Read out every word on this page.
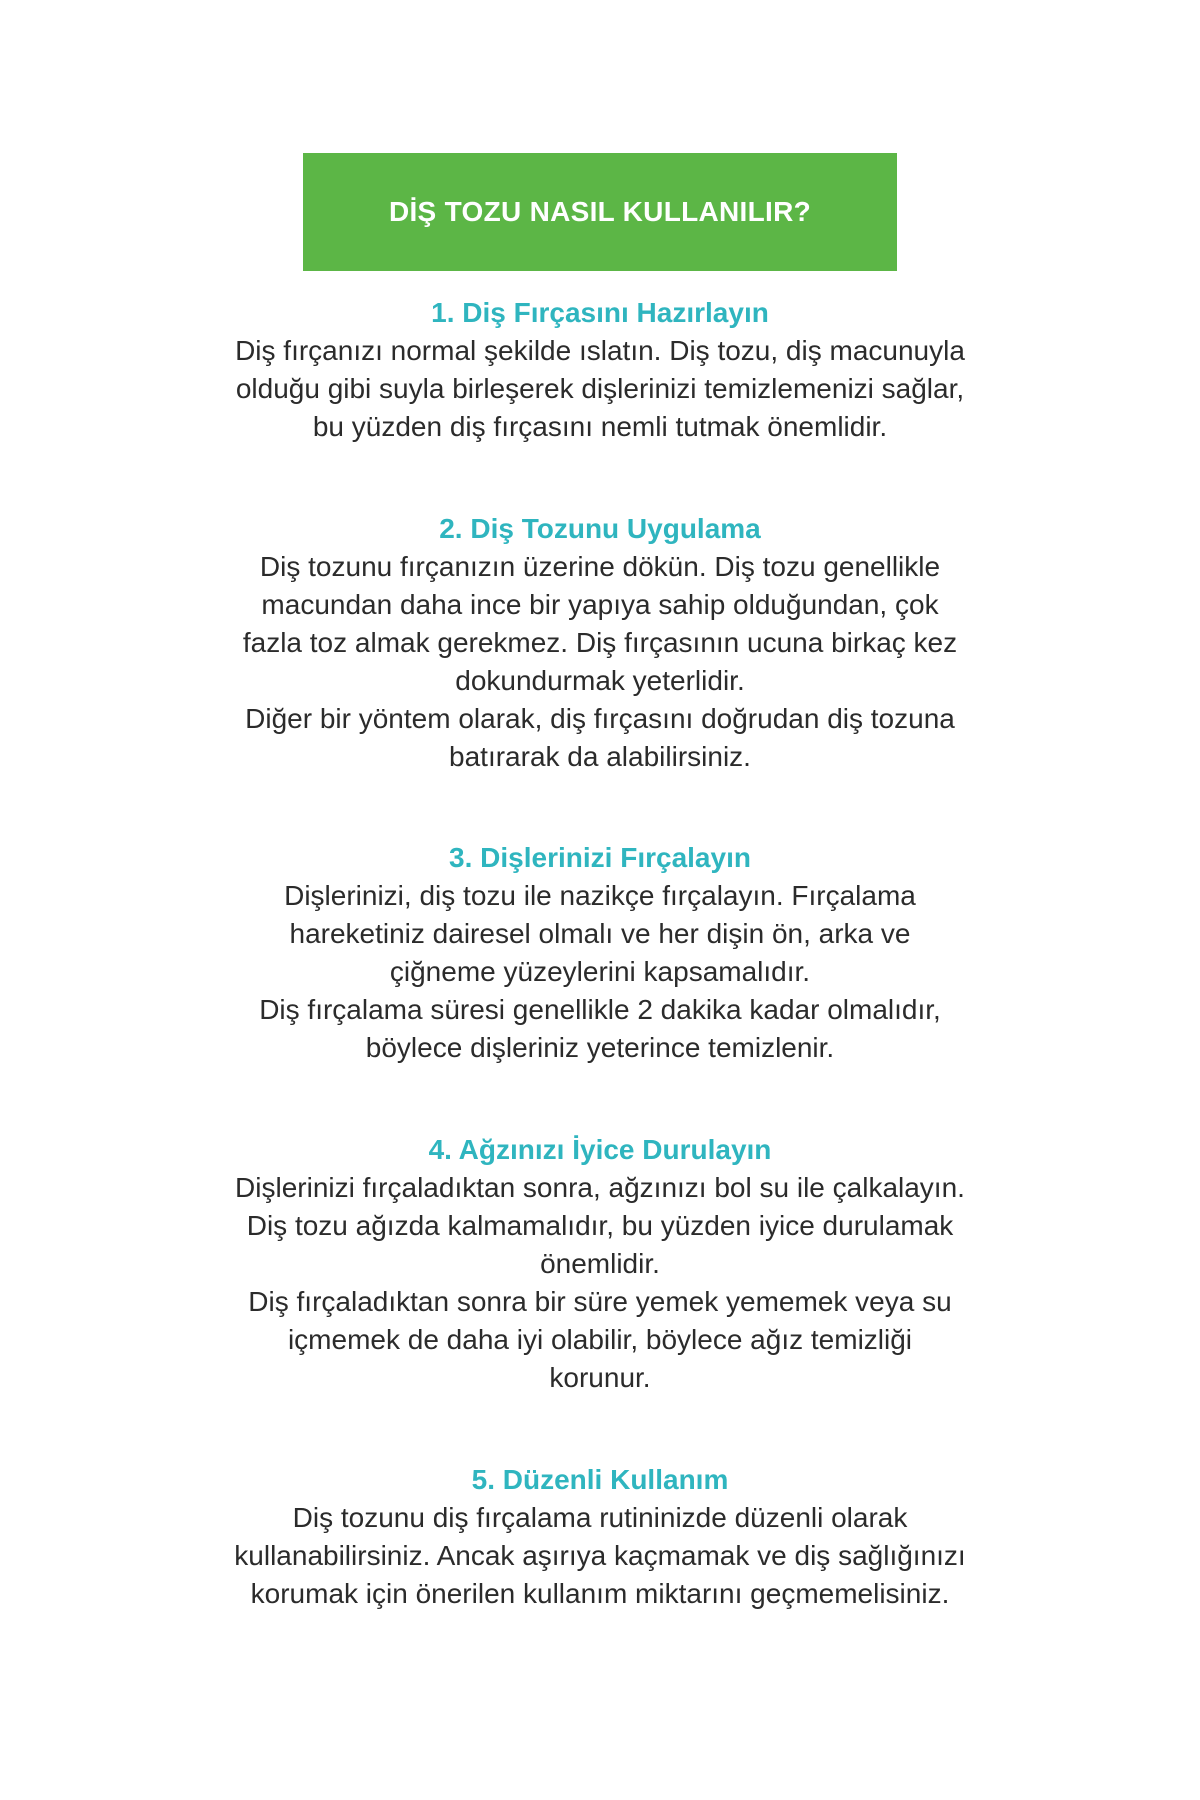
DİŞ TOZU NASIL KULLANILIR?

1. Diş Fırçasını Hazırlayın

Diş fırçanızı normal şekilde ıslatın. Diş tozu, diş macunuyla
olduğu gibi suyla birleşerek dişlerinizi temizlemenizi sağlar,
bu yüzden diş fırçasını nemli tutmak önemlidir.

2. Diş Tozunu Uygulama

Diş tozunu fırçanızın üzerine dökün. Diş tozu genellikle
macundan daha ince bir yapıya sahip olduğundan, çok
fazla toz almak gerekmez. Diş fırçasının ucuna birkaç kez
dokundurmak yeterlidir.
Diğer bir yöntem olarak, diş fırçasını doğrudan diş tozuna
batırarak da alabilirsiniz.

3. Dişlerinizi Fırçalayın

Dişlerinizi, diş tozu ile nazikçe fırçalayın. Fırçalama
hareketiniz dairesel olmalı ve her dişin ön, arka ve
çiğneme yüzeylerini kapsamalıdır.
Diş fırçalama süresi genellikle 2 dakika kadar olmalıdır,
böylece dişleriniz yeterince temizlenir.

4. Ağzınızı İyice Durulayın

Dişlerinizi fırçaladıktan sonra, ağzınızı bol su ile çalkalayın.
Diş tozu ağızda kalmamalıdır, bu yüzden iyice durulamak
önemlidir.
Diş fırçaladıktan sonra bir süre yemek yememek veya su
içmemek de daha iyi olabilir, böylece ağız temizliği
korunur.

5. Düzenli Kullanım

Diş tozunu diş fırçalama rutininizde düzenli olarak
kullanabilirsiniz. Ancak aşırıya kaçmamak ve diş sağlığınızı
korumak için önerilen kullanım miktarını geçmemelisiniz.
